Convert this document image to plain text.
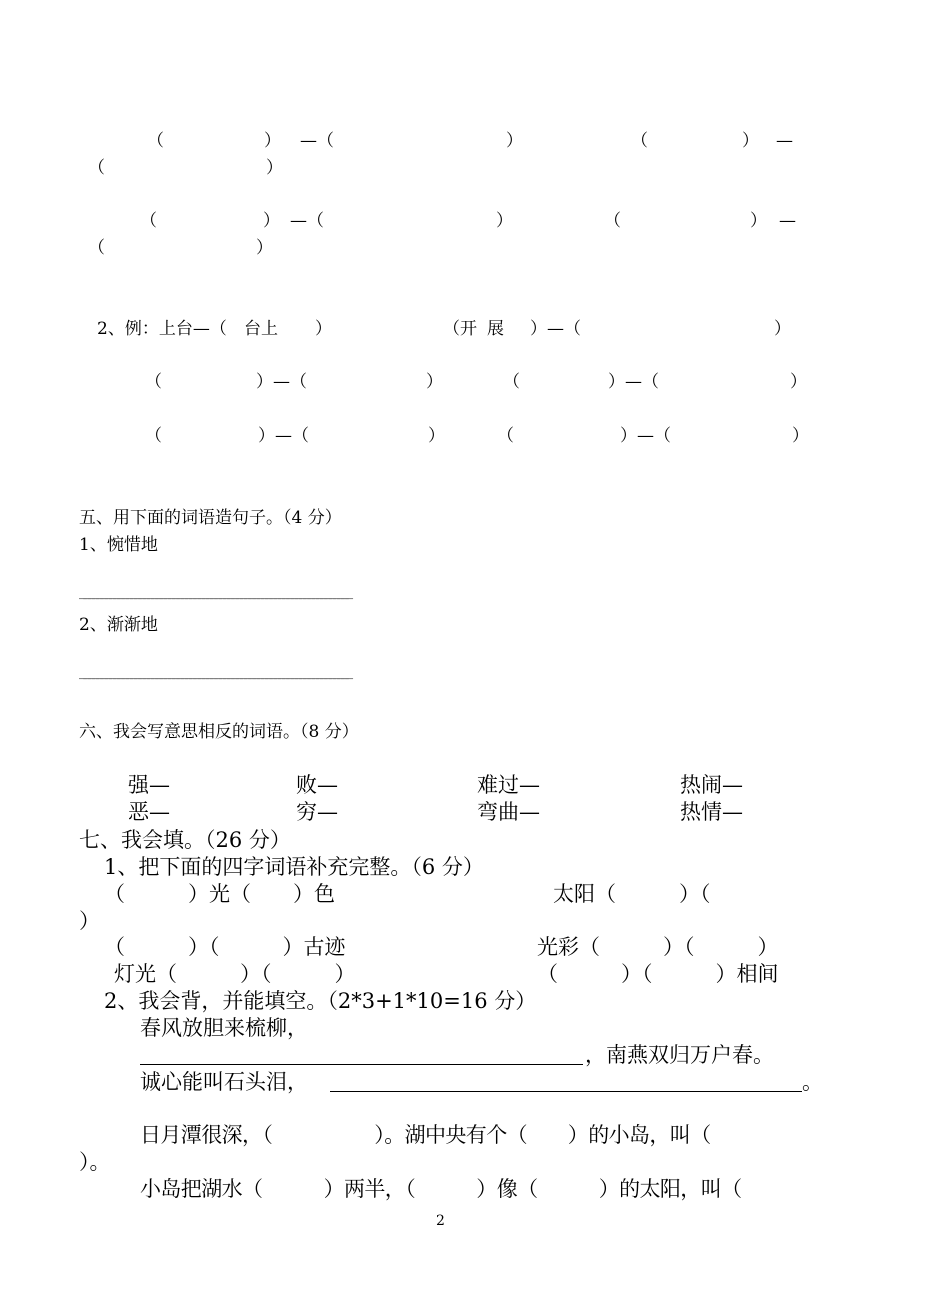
（	） —（	）	（	） —
（	）
（	） —（	）	（	） —
（	）
2、例：上台—（ 台上 ）	（开 展 ）—（	）
（	）—（	）	（	）—（	）
（	）—（	）	（	）—（	）
五、用下面的词语造句子。（4 分）
1、惋惜地
________________________________________________________________
2、渐渐地
________________________________________________________________
六、我会写意思相反的词语。（8 分）
强—	败—	难过—	热闹—
恶—	穷—	弯曲—	热情—
七、我会填。（26 分）
1、把下面的四字词语补充完整。（6 分）
（　　　）光（　　）色	太阳（　　　）（
）
（　　　）（　　　）古迹	光彩（　　　）（　　　）
灯光（　　　）（　　　）	（　　　）（　　　）相间
2、我会背，并能填空。（2*3+1*10=16 分）
春风放胆来梳柳，
，南燕双归万户春。
诚心能叫石头泪，	。
日月潭很深，（　　　　　）。湖中央有个（　　）的小岛，叫（
）。
小岛把湖水（　　　）两半，（　　　）像（　　　）的太阳，叫（
2
